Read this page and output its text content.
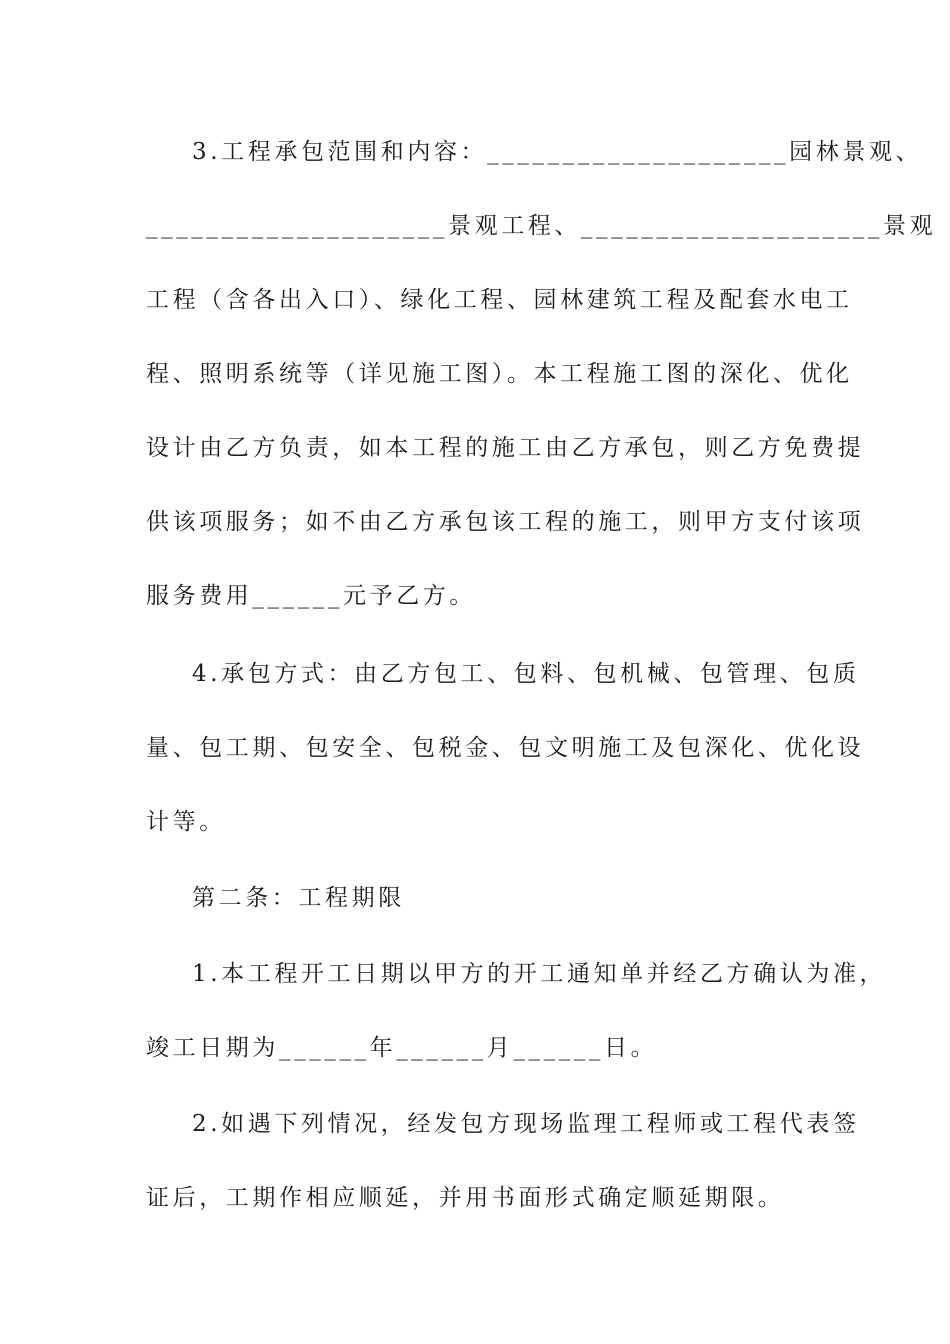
3.工程承包范围和内容：____________________园林景观、
____________________景观工程、____________________景观
工程（含各出入口）、绿化工程、园林建筑工程及配套水电工
程、照明系统等（详见施工图）。本工程施工图的深化、优化
设计由乙方负责，如本工程的施工由乙方承包，则乙方免费提
供该项服务；如不由乙方承包该工程的施工，则甲方支付该项
服务费用______元予乙方。
4.承包方式：由乙方包工、包料、包机械、包管理、包质
量、包工期、包安全、包税金、包文明施工及包深化、优化设
计等。
第二条：工程期限
1.本工程开工日期以甲方的开工通知单并经乙方确认为准，
竣工日期为______年______月______日。
2.如遇下列情况，经发包方现场监理工程师或工程代表签
证后，工期作相应顺延，并用书面形式确定顺延期限。
